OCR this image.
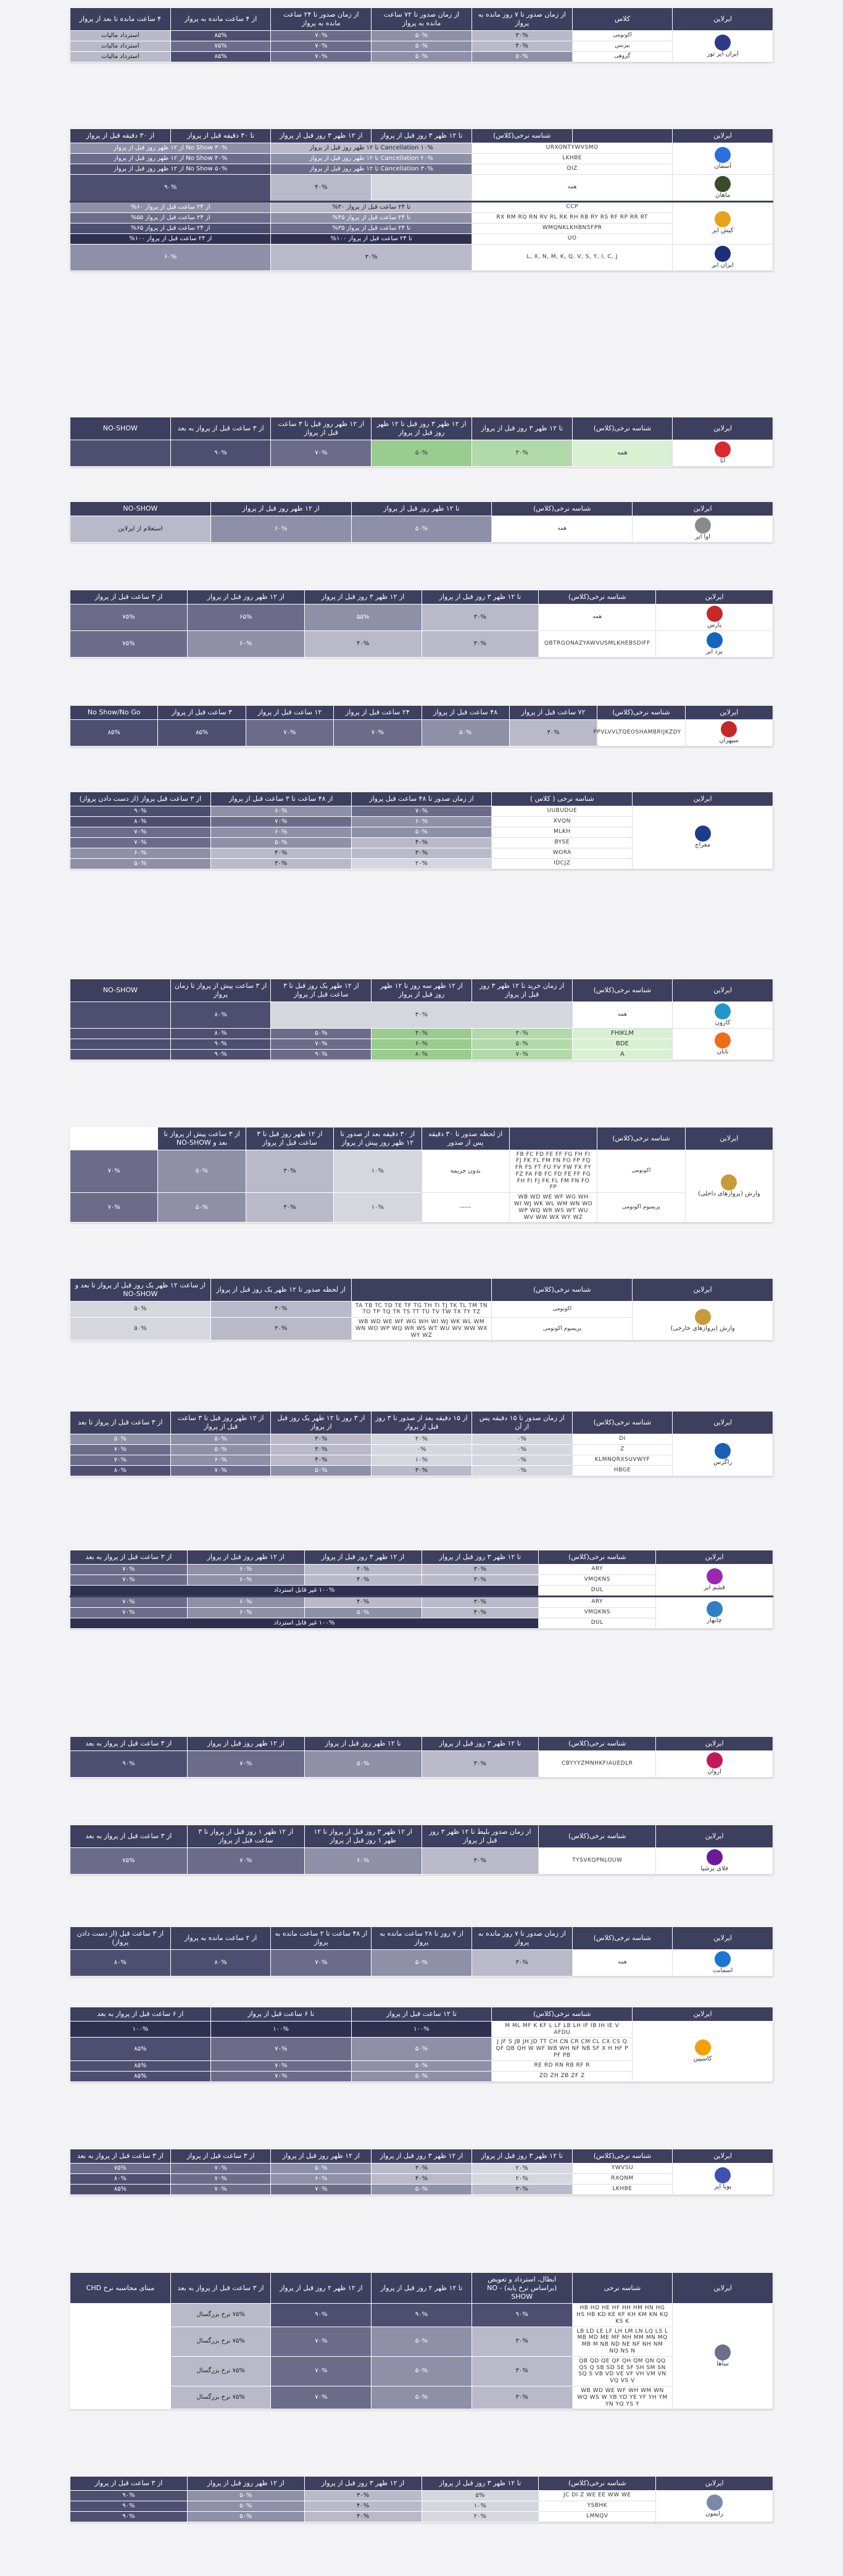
ایرلاین	کلاس	از زمان صدور تا ۷ روز مانده به پرواز	از زمان صدور تا ۷۲ ساعت مانده به پرواز	از زمان صدور تا ۲۴ ساعت مانده به پرواز	از ۴ ساعت مانده به پرواز	۴ ساعت مانده تا بعد از پرواز

ایران ایر تور	اکونومی	۳۰%	۵۰%	۷۰%	۸۵%	استرداد مالیات
	بیزنس	۴۰%	۵۰%	۷۰%	۷۵%	استرداد مالیات
	گروهی	۵۰%	۵۰%	۷۰%	۸۵%	استرداد مالیات
ایرلاین		شناسه نرخی(کلاس)	تا ۱۲ ظهر ۳ روز قبل از پرواز	از ۱۲ ظهر ۳ روز قبل از پرواز	تا ۳۰ دقیقه قبل از پرواز	از ۳۰ دقیقه قبل از پرواز

آسمان	URXONTYWVSMO		Cancellation ۱۰% تا ۱۲ ظهر روز قبل از پرواز		No Show ۳۰% از ۱۲ ظهر روز قبل از پرواز	
	LKHBE		Cancellation ۲۰% تا ۱۲ ظهر روز قبل از پرواز		No Show ۴۰% از ۱۲ ظهر روز قبل از پرواز	
	DIZ		Cancellation ۳۰% تا ۱۲ ظهر روز قبل از پرواز		No Show ۵۰% از ۱۲ ظهر روز قبل از پرواز	

ماهان	همه			۴۰%	۹۰%	

کیش ایر	CCP		تا ۲۴ ساعت قبل از پرواز ۳۰%		از ۲۴ ساعت قبل از پرواز ۶۰%	
	RX RM RQ RN RV RL RK RH RB RY RS RF RP RR RT		تا ۲۴ ساعت قبل از پرواز ۴۵%		از ۲۴ ساعت قبل از پرواز ۵۵%	
	WMQNKLKHBN5FPR		تا ۲۴ ساعت قبل از پرواز ۳۵%		از ۲۴ ساعت قبل از پرواز ۶۵%	
	UO		تا ۲۴ ساعت قبل از پرواز ۱۰۰%		از ۲۴ ساعت قبل از پرواز ۱۰۰%	

ایران ایر	L, X, N, M, K, Q, V, S, Y, I, C, J		۳۰%		۶۰%	
ایرلاین	شناسه نرخی(کلاس)	تا ۱۲ ظهر ۳ روز قبل از پرواز	از ۱۲ ظهر ۳ روز قبل تا ۱۲ ظهر روز قبل از پرواز	از ۱۲ ظهر روز قبل تا ۳ ساعت قبل از پرواز	از ۳ ساعت قبل از پرواز به بعد	NO-SHOW

آتا	همه	۳۰%	۵۰%	۷۰%	۹۰%	
ایرلاین	شناسه نرخی(کلاس)	تا ۱۲ ظهر روز قبل از پرواز	از ۱۲ ظهر روز قبل از پرواز	NO-SHOW

اوا ایر	همه	۵۰%	۶۰%	استعلام از ایرلاین
ایرلاین	شناسه نرخی(کلاس)	تا ۱۲ ظهر ۳ روز قبل از پرواز	از ۱۲ ظهر ۳ روز قبل از پرواز	از ۱۲ ظهر روز قبل از پرواز	از ۳ ساعت قبل از پرواز

پارس	همه	۳۰%	۵۵%	۶۵%	۷۵%

یزد ایر	QBTRGONAZYAWVUSMLKHEBSDIFF	۳۰%	۴۰%	۶۰%	۷۵%
ایرلاین	شناسه نرخی(کلاس)	۷۲ ساعت قبل از پرواز	۴۸ ساعت قبل از پرواز	۲۴ ساعت قبل از پرواز	۱۲ ساعت قبل از پرواز	۳ ساعت قبل از پرواز	No Show/No Go

سپهران	PPVLVVLTQEOSHAMBRIJKZDY	۳۰%	۵۰%	۷۰%	۷۰%	۸۵%	۸۵%
ایرلاین	شناسه نرخی ( کلاس )	از زمان صدور تا ۴۸ ساعت قبل پرواز	از ۴۸ ساعت تا ۳ ساعت قبل از پرواز	از ۳ ساعت قبل پرواز (از دست دادن پرواز)

معراج	UUBUDUE	۷۰%	۶۰%	۹۰%
	XVQN	۶۰%	۷۰%	۸۰%
	MLKH	۵۰%	۶۰%	۷۰%
	BYSE	۴۰%	۵۰%	۷۰%
	WORA	۳۰%	۴۰%	۶۰%
	IDCJZ	۲۰%	۳۰%	۵۰%
ایرلاین	شناسه نرخی(کلاس)	از زمان خرید تا ۱۲ ظهر ۳ روز قبل از پرواز	از ۱۲ ظهر سه روز تا ۱۲ ظهر روز قبل از پرواز	از ۱۲ ظهر یک روز قبل تا ۳ ساعت قبل از پرواز	از ۳ ساعت پیش از پرواز تا زمان پرواز	NO-SHOW

کارون	همه	۳۰%			۸۰%	

تابان	FHIKLM	۳۰%	۴۰%	۵۰%	۸۰%	
	BDE	۵۰%	۶۰%	۷۰%	۹۰%	
	A	۷۰%	۸۰%	۹۰%	۹۰%	
ایرلاین	شناسه نرخی(کلاس)		از لحظه صدور تا ۳۰ دقیقه پس از صدور	از ۳۰ دقیقه بعد از صدور تا ۱۲ ظهر روز پیش از پرواز	از ۱۲ ظهر روز قبل تا ۳ ساعت قبل از پرواز	از ۳ ساعت پیش از پرواز تا بعد و NO-SHOW	

وارش (پروازهای داخلی)	اکونومی	FB FC FD FE FF FG FH FI FJ FK FL FM FN FO FP FQ FR FS FT FU FV FW FX FY FZ FA FB FC FD FE FF FG FH FI FJ FK FL FM FN FO FP	بدون جریمه	۱۰%	۳۰%	۵۰%	۷۰%
	پریمیوم اکونومی	WB WD WE WF WG WH WI WJ WK WL WM WN WO WP WQ WR WS WT WU WV WW WX WY WZ	-----	۱۰%	۳۰%	۵۰%	۷۰%
ایرلاین	شناسه نرخی(کلاس)		از لحظه صدور تا ۱۲ ظهر یک روز قبل از پرواز	از ساعت ۱۲ ظهر یک روز قبل از پرواز تا بعد و NO-SHOW

وارش (پروازهای خارجی)	اکونومی	TA TB TC TD TE TF TG TH TI TJ TK TL TM TN TO TP TQ TR TS TT TU TV TW TX TY TZ	۳۰%	۵۰%
	پریمیوم اکونومی	WB WD WE WF WG WH WI WJ WK WL WM WN WO WP WQ WR WS WT WU WV WW WX WY WZ	۳۰%	۵۰%
ایرلاین	شناسه نرخی(کلاس)	از زمان صدور تا ۱۵ دقیقه پس از آن	از ۱۵ دقیقه بعد از صدور تا ۳ روز قبل از پرواز	از ۳ روز تا ۱۲ ظهر یک روز قبل از پرواز	از ۱۲ ظهر روز قبل تا ۳ ساعت قبل از پرواز	از ۳ ساعت قبل از پرواز تا بعد

زاگرس	DI	۰%	۲۰%	۳۰%	۵۰%	۵۰%
	Z	۰%	۰%	۳۰%	۵۰%	۷۰%
	KLMNQRXSUVWYF	۰%	۱۰%	۴۰%	۶۰%	۷۰%
	HBGE	۰%	۳۰%	۵۰%	۷۰%	۸۰%
ایرلاین	شناسه نرخی(کلاس)	تا ۱۲ ظهر ۳ روز قبل از پرواز	از ۱۲ ظهر ۳ روز قبل از پرواز	از ۱۲ ظهر روز قبل از پرواز	از ۳ ساعت قبل از پرواز به بعد

قشم ایر	ARY	۳۰%	۴۰%	۶۰%	۷۰%
	VMQKNS	۳۰%	۴۰%	۶۰%	۷۰%
	DUL	۱۰۰% غیر قابل استرداد			

چابهار	ARY	۳۰%	۴۰%	۶۰%	۷۰%
	VMQKNS	۴۰%	۵۰%	۶۰%	۷۰%
	DUL	۱۰۰% غیر قابل استرداد			
ایرلاین	شناسه نرخی(کلاس)	تا ۱۲ ظهر ۳ روز قبل از پرواز	تا ۱۲ ظهر روز قبل از پرواز	از ۱۲ ظهر روز قبل از پرواز	از ۳ ساعت قبل از پرواز به بعد

اروان	CBYYYZMNHKFIAUEDLR	۳۰%	۵۰%	۷۰%	۹۰%
ایرلاین	شناسه نرخی(کلاس)	از زمان صدور بلیط تا ۱۲ ظهر ۳ روز قبل از پرواز	از ۱۲ ظهر ۳ روز قبل از پرواز تا ۱۲ ظهر ۱ روز قبل از پرواز	از ۱۲ ظهر ۱ روز قبل از پرواز تا ۳ ساعت قبل از پرواز	از ۳ ساعت قبل از پرواز به بعد

فلای پرشیا	TYSVKQPNLOUW	۳۰%	۶۰%	۷۰%	۷۵%
ایرلاین	شناسه نرخی(کلاس)	از زمان صدور تا ۷ روز مانده به پرواز	از ۷ روز تا ۲۸ ساعت مانده به پرواز	از ۴۸ ساعت تا ۲ ساعت مانده به پرواز	از ۲ ساعت مانده به پرواز	از ۳ ساعت قبل (از دست دادن پرواز)

اسمانت	همه	۳۰%	۵۰%	۷۰%	۸۰%	۸۰%
ایرلاین	شناسه نرخی(کلاس)	تا ۱۲ ساعت قبل از پرواز	تا ۶ ساعت قبل از پرواز	از ۶ ساعت قبل از پرواز به بعد

کاسپین	M ML MF K KF L LF LB LH IF IB IH IE V AFDU	۱۰۰%	۱۰۰%	۱۰۰%
	J JF S JB JH JD TT CH CN CR CM CL CX CS Q QF QB QH W WF WB WH NF NB SF X H HF P PF PB	۵۰%	۷۰%	۸۵%
	RE RD RN RB RF R	۵۰%	۷۰%	۸۵%
	ZD ZH ZB ZF Z	۵۰%	۷۰%	۸۵%
ایرلاین	شناسه نرخی(کلاس)	تا ۱۲ ظهر ۳ روز قبل از پرواز	از ۱۲ ظهر ۳ روز قبل از پرواز	از ۱۲ ظهر روز قبل از پرواز	از ۳ ساعت قبل از پرواز	از ۳ ساعت قبل از پرواز به بعد

پویا ایر	YWVSU	۲۰%	۳۰%	۵۰%	۷۰%	۷۵%
	RXQNM	۲۰%	۴۰%	۶۰%	۷۰%	۸۰%
	LKHBE	۳۰%	۵۰%	۷۰%	۷۰%	۸۵%
ایرلاین	شناسه نرخی	ابطال، استرداد و تعویض (براساس نرخ پایه) - NO SHOW	تا ۱۲ ظهر ۲ روز قبل از پرواز	از ۱۲ ظهر ۲ روز قبل از پرواز	از ۳ ساعت قبل از پرواز به بعد	مبنای محاسبه نرخ CHD

ساها	HB HD HE HF HH HM HN HG HS HB KD KE KF KH KM KN KQ KS K	۹۰%	۹۰%	۹۰%	۷۵% نرخ بزرگسال	
	LB LD LE LF LH LM LN LQ LS L MB MD ME MF MH MM MN MQ MB M NB ND NE NF NH NM NQ NS N	۳۰%	۵۰%	۷۰%	۷۵% نرخ بزرگسال	
	QB QD QE QF QH QM QN QQ QS Q SB SD SE SF SH SM SN SQ S VB VD VE VF VH VM VN VQ VS V	۳۰%	۵۰%	۷۰%	۷۵% نرخ بزرگسال	
	WB WD WE WF WH WM WN WQ WS W YB YD YE YF YH YM YN YQ YS Y	۳۰%	۵۰%	۷۰%	۷۵% نرخ بزرگسال	
ایرلاین	شناسه نرخی(کلاس)	تا ۱۲ ظهر ۳ روز قبل از پرواز	از ۱۲ ظهر ۳ روز قبل از پرواز	از ۱۲ ظهر روز قبل از پرواز	از ۳ ساعت قبل از پرواز

رایمون	JC DI Z WE EE WW WE	۵%	۳۰%	۵۰%	۹۰%
	YSBHK	۱۰%	۴۰%	۵۰%	۹۰%
	LMNQV	۲۰%	۴۰%	۵۰%	۹۰%
